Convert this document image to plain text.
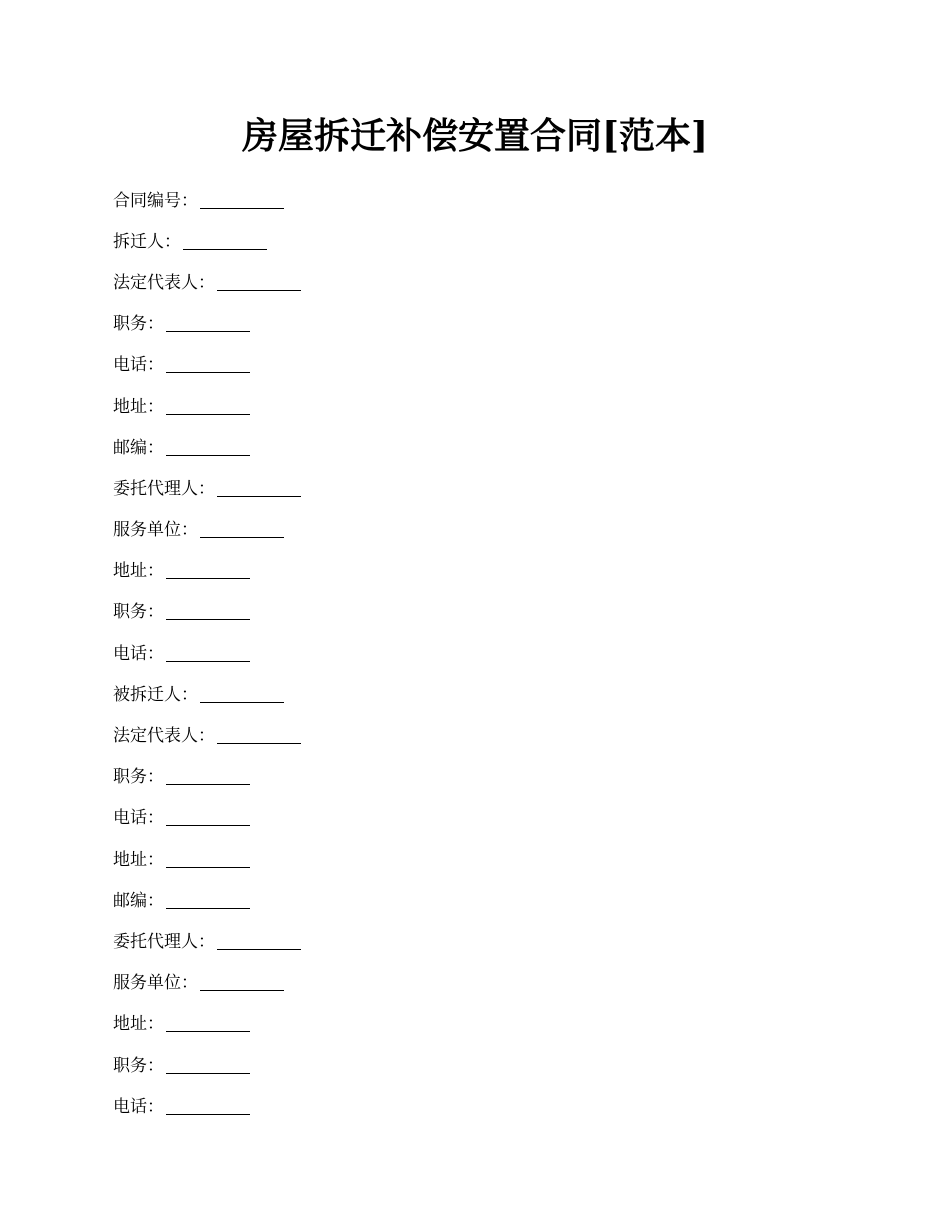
房屋拆迁补偿安置合同[范本]
合同编号：
拆迁人：
法定代表人：
职务：
电话：
地址：
邮编：
委托代理人：
服务单位：
地址：
职务：
电话：
被拆迁人：
法定代表人：
职务：
电话：
地址：
邮编：
委托代理人：
服务单位：
地址：
职务：
电话：
